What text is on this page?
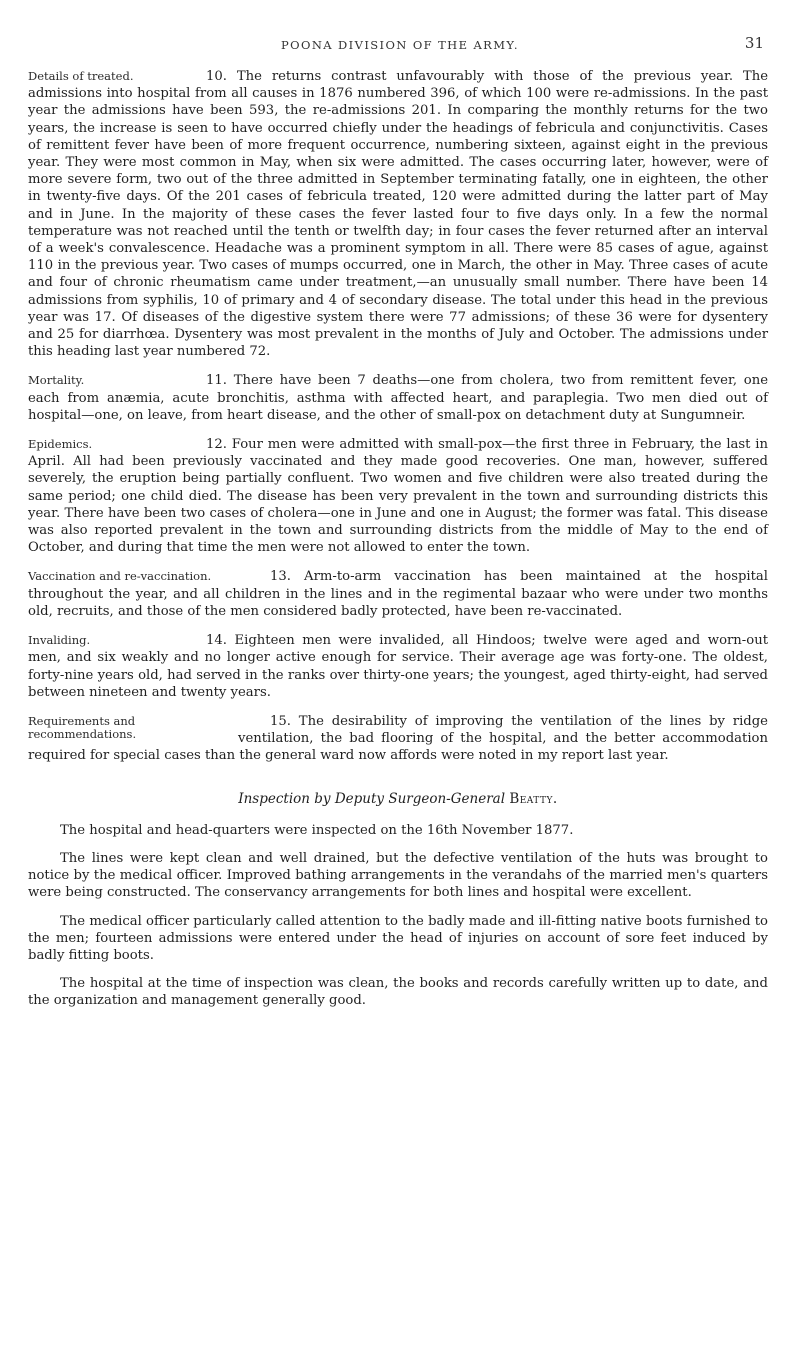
POONA DIVISION OF THE ARMY.	31

10.
Details of treated.	The returns contrast unfavourably with those of the previous year. The admissions into hospital from all causes in 1876 numbered 396, of which 100 were re-admissions. In the past year the admissions have been 593, the re-admissions 201. In comparing the monthly returns for the two years, the increase is seen to have occurred chiefly under the headings of febricula and conjunctivitis. Cases of remittent fever have been of more frequent occurrence, numbering sixteen, against eight in the previous year. They were most common in May, when six were admitted. The cases occurring later, however, were of more severe form, two out of the three admitted in September terminating fatally, one in eighteen, the other in twenty-five days. Of the 201 cases of febricula treated, 120 were admitted during the latter part of May and in June. In the majority of these cases the fever lasted four to five days only. In a few the normal temperature was not reached until the tenth or twelfth day; in four cases the fever returned after an interval of a week's convalescence. Headache was a prominent symptom in all. There were 85 cases of ague, against 110 in the previous year. Two cases of mumps occurred, one in March, the other in May. Three cases of acute and four of chronic rheumatism came under treatment,—an unusually small number. There have been 14 admissions from syphilis, 10 of primary and 4 of secondary disease. The total under this head in the previous year was 17. Of diseases of the digestive system there were 77 admissions; of these 36 were for dysentery and 25 for diarrhœa. Dysentery was most prevalent in the months of July and October. The admissions under this heading last year numbered 72.

11.
Mortality.	There have been 7 deaths—one from cholera, two from remittent fever, one each from anæmia, acute bronchitis, asthma with affected heart, and paraplegia. Two men died out of hospital—one, on leave, from heart disease, and the other of small-pox on detachment duty at Sungumneir.

12.
Epidemics.	Four men were admitted with small-pox—the first three in February, the last in April. All had been previously vaccinated and they made good recoveries. One man, however, suffered severely, the eruption being partially confluent. Two women and five children were also treated during the same period; one child died. The disease has been very prevalent in the town and surrounding districts this year. There have been two cases of cholera—one in June and one in August; the former was fatal. This disease was also reported prevalent in the town and surrounding districts from the middle of May to the end of October, and during that time the men were not allowed to enter the town.

13.
Vaccination and re-vaccination.	Arm-to-arm vaccination has been maintained at the hospital throughout the year, and all children in the lines and in the regimental bazaar who were under two months old, recruits, and those of the men considered badly protected, have been re-vaccinated.

14.
Invaliding.	Eighteen men were invalided, all Hindoos; twelve were aged and worn-out men, and six weakly and no longer active enough for service. Their average age was forty-one. The oldest, forty-nine years old, had served in the ranks over thirty-one years; the youngest, aged thirty-eight, had served between nineteen and twenty years.

15.
Requirements and recommendations.
The desirability of improving the ventilation of the lines by ridge ventilation, the bad flooring of the hospital, and the better accommodation required for special cases than the general ward now affords were noted in my report last year.

Inspection by Deputy Surgeon-General Beatty.

The hospital and head-quarters were inspected on the 16th November 1877.

The lines were kept clean and well drained, but the defective ventilation of the huts was brought to notice by the medical officer. Improved bathing arrangements in the verandahs of the married men's quarters were being constructed. The conservancy arrangements for both lines and hospital were excellent.

The medical officer particularly called attention to the badly made and ill-fitting native boots furnished to the men; fourteen admissions were entered under the head of injuries on account of sore feet induced by badly fitting boots.

The hospital at the time of inspection was clean, the books and records carefully written up to date, and the organization and management generally good.
